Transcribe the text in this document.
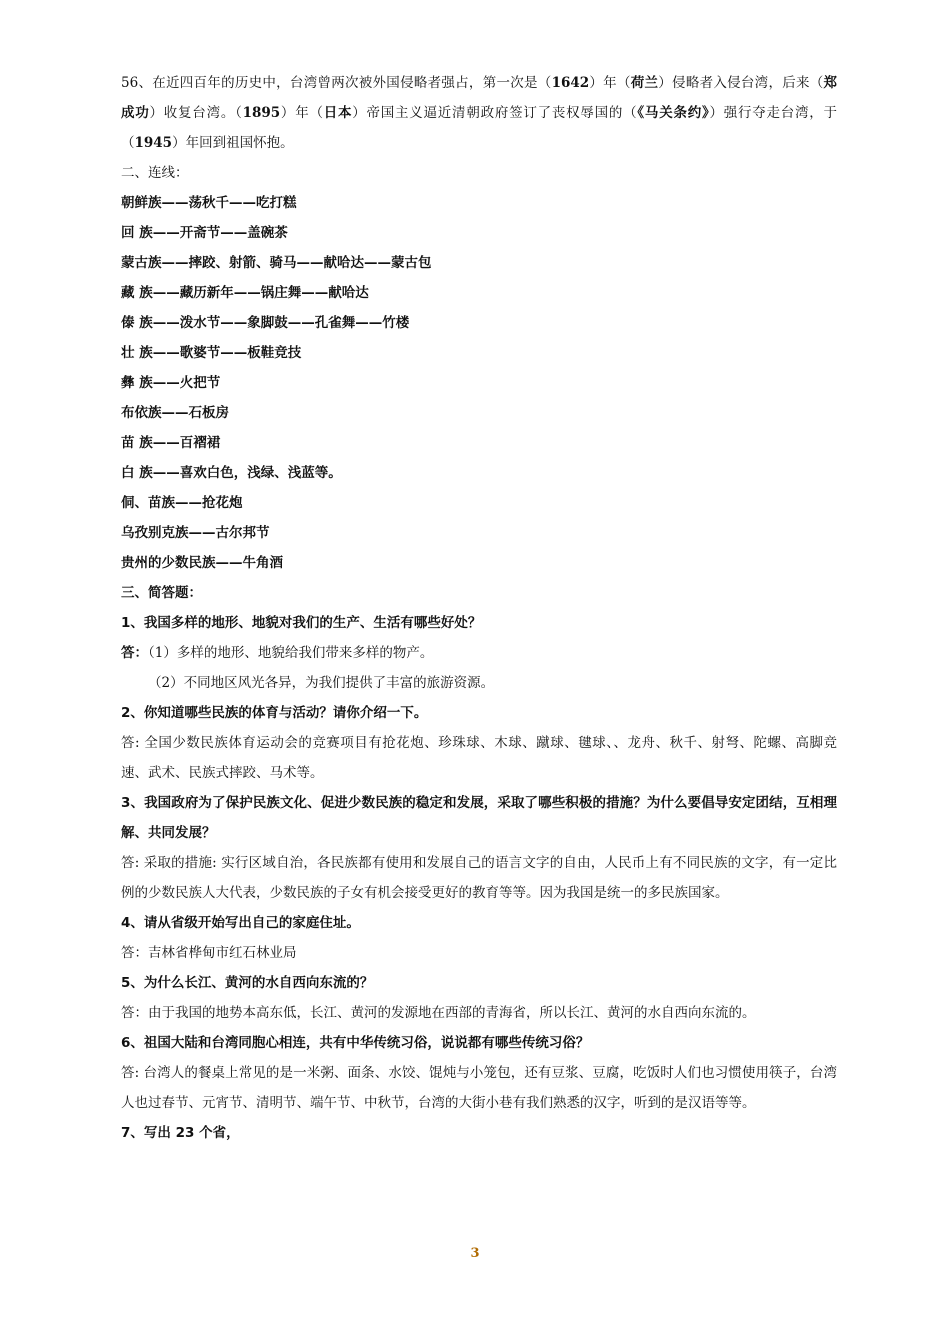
56、在近四百年的历史中，台湾曾两次被外国侵略者强占，第一次是（1642）年（荷兰）侵略者入侵台湾，后来（郑成功）收复台湾。（1895）年（日本）帝国主义逼近清朝政府签订了丧权辱国的（《马关条约》）强行夺走台湾，于（1945）年回到祖国怀抱。
二、连线：
朝鲜族——荡秋千——吃打糕
回 族——开斋节——盖碗茶
蒙古族——摔跤、射箭、骑马——献哈达——蒙古包
藏 族——藏历新年——锅庄舞——献哈达
傣 族——泼水节——象脚鼓——孔雀舞——竹楼
壮 族——歌婆节——板鞋竞技
彝 族——火把节
布依族——石板房
苗 族——百褶裙
白 族——喜欢白色，浅绿、浅蓝等。
侗、苗族——抢花炮
乌孜别克族——古尔邦节
贵州的少数民族——牛角酒
三、简答题：
1、我国多样的地形、地貌对我们的生产、生活有哪些好处？
答：（1）多样的地形、地貌给我们带来多样的物产。
（2）不同地区风光各异，为我们提供了丰富的旅游资源。
2、你知道哪些民族的体育与活动？请你介绍一下。
答: 全国少数民族体育运动会的竞赛项目有抢花炮、珍珠球、木球、蹴球、毽球、、龙舟、秋千、射弩、陀螺、高脚竞速、武术、民族式摔跤、马术等。
3、我国政府为了保护民族文化、促进少数民族的稳定和发展，采取了哪些积极的措施？为什么要倡导安定团结，互相理解、共同发展？
答: 采取的措施: 实行区域自治，各民族都有使用和发展自己的语言文字的自由，人民币上有不同民族的文字，有一定比例的少数民族人大代表，少数民族的子女有机会接受更好的教育等等。因为我国是统一的多民族国家。
4、请从省级开始写出自己的家庭住址。
答：吉林省桦甸市红石林业局
5、为什么长江、黄河的水自西向东流的？
答：由于我国的地势本高东低，长江、黄河的发源地在西部的青海省，所以长江、黄河的水自西向东流的。
6、祖国大陆和台湾同胞心相连，共有中华传统习俗，说说都有哪些传统习俗？
答: 台湾人的餐桌上常见的是一米粥、面条、水饺、馄炖与小笼包，还有豆浆、豆腐，吃饭时人们也习惯使用筷子，台湾人也过春节、元宵节、清明节、端午节、中秋节，台湾的大街小巷有我们熟悉的汉字，听到的是汉语等等。
7、写出 23 个省，
3
